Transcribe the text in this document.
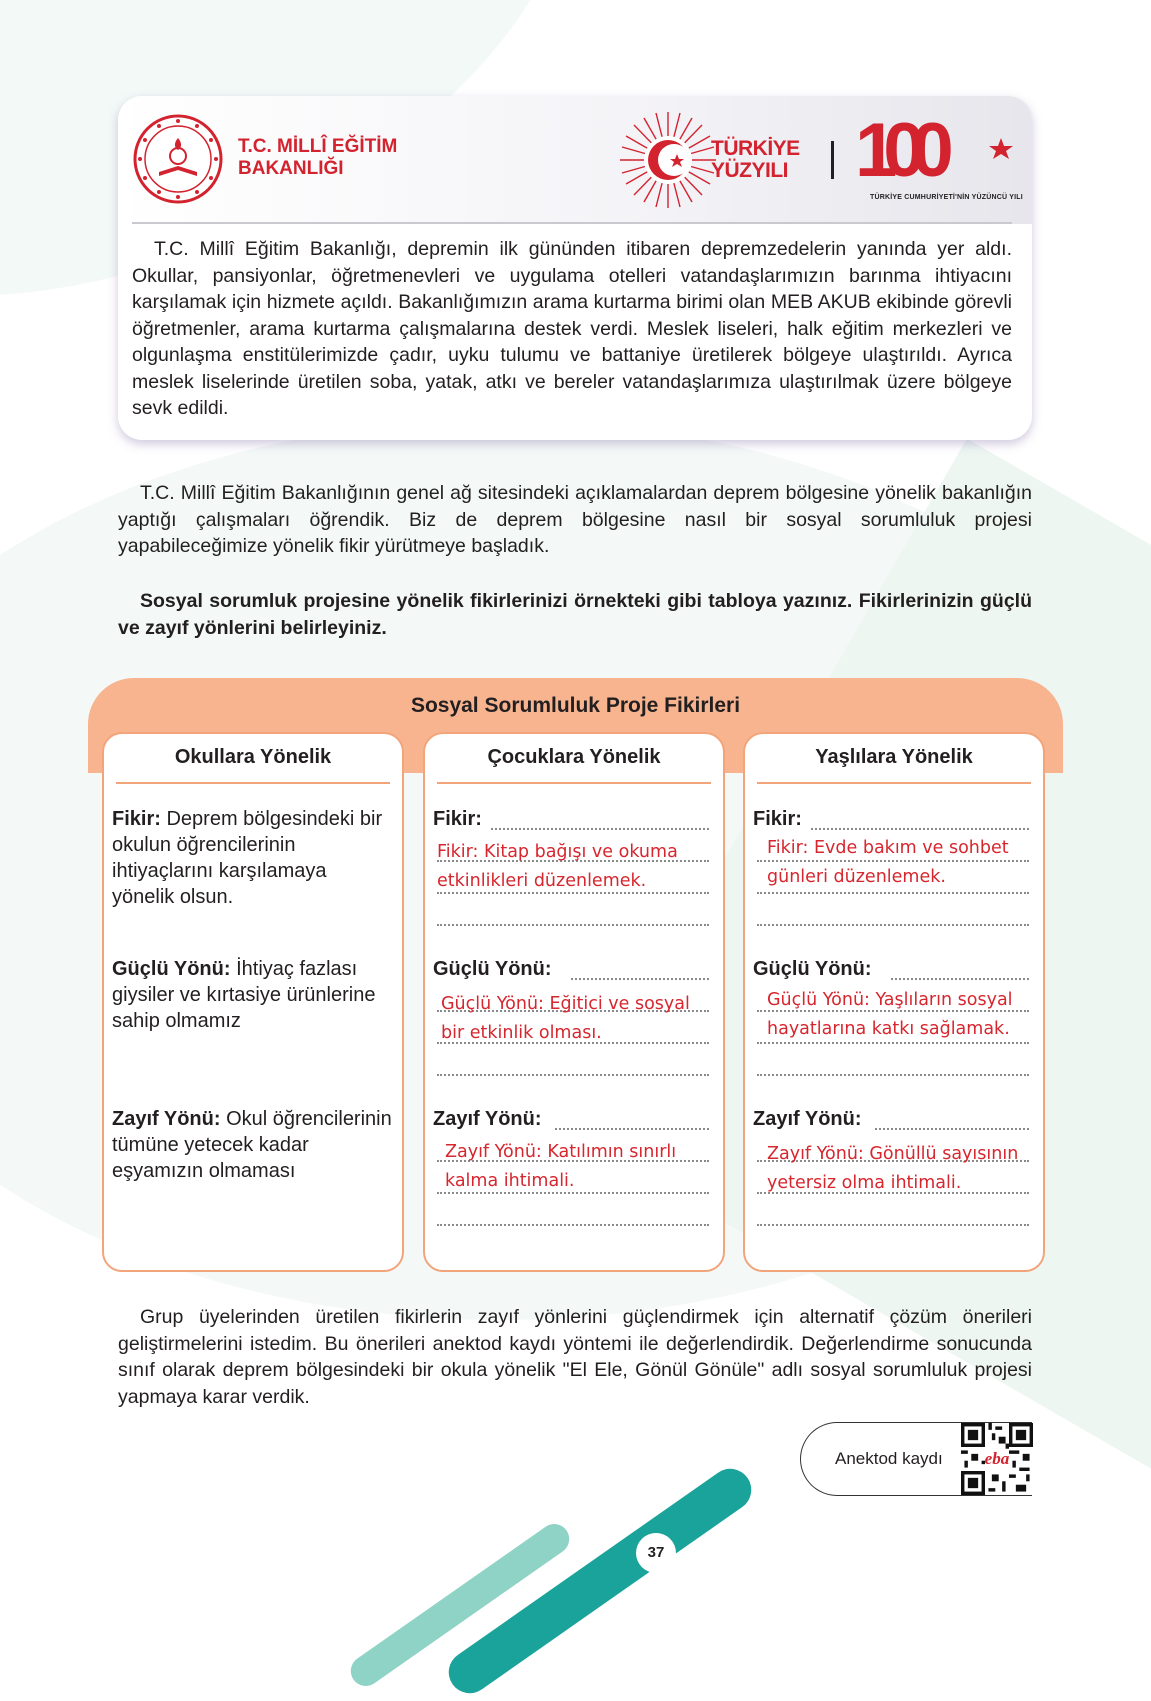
T.C. MİLLÎ EĞİTİM
BAKANLIĞI
TÜRKİYE
YÜZYILI 100
TÜRKİYE CUMHURİYETİ'NİN YÜZÜNCÜ YILI
T.C. Millî Eğitim Bakanlığı, depremin ilk gününden itibaren depremzedelerin yanında yer aldı. Okullar, pansiyonlar, öğretmenevleri ve uygulama otelleri vatandaşlarımızın barınma ihtiyacını karşılamak için hizmete açıldı. Bakanlığımızın arama kurtarma birimi olan MEB AKUB ekibinde görevli öğretmenler, arama kurtarma çalışmalarına destek verdi. Meslek liseleri, halk eğitim merkezleri ve olgunlaşma enstitülerimizde çadır, uyku tulumu ve battaniye üretilerek bölgeye ulaştırıldı. Ayrıca meslek liselerinde üretilen soba, yatak, atkı ve bereler vatandaşlarımıza ulaştırılmak üzere bölgeye sevk edildi.
T.C. Millî Eğitim Bakanlığının genel ağ sitesindeki açıklamalardan deprem bölgesine yönelik bakanlığın yaptığı çalışmaları öğrendik. Biz de deprem bölgesine nasıl bir sosyal sorumluluk projesi yapabileceğimize yönelik fikir yürütmeye başladık.
Sosyal sorumluk projesine yönelik fikirlerinizi örnekteki gibi tabloya yazınız. Fikirlerinizin güçlü ve zayıf yönlerini belirleyiniz.
Sosyal Sorumluluk Proje Fikirleri
Okullara Yönelik
Fikir: Deprem bölgesindeki bir okulun öğrencilerinin ihtiyaçlarını karşılamaya yönelik olsun.
Güçlü Yönü: İhtiyaç fazlası giysiler ve kırtasiye ürünlerine sahip olmamız
Zayıf Yönü: Okul öğrencilerinin tümüne yetecek kadar eşyamızın olmaması
Çocuklara Yönelik
Fikir:
Fikir: Kitap bağışı ve okuma etkinlikleri düzenlemek.
Güçlü Yönü:
Güçlü Yönü: Eğitici ve sosyal bir etkinlik olması.
Zayıf Yönü:
Zayıf Yönü: Katılımın sınırlı kalma ihtimali.
Yaşlılara Yönelik
Fikir:
Fikir: Evde bakım ve sohbet günleri düzenlemek.
Güçlü Yönü:
Güçlü Yönü: Yaşlıların sosyal hayatlarına katkı sağlamak.
Zayıf Yönü:
Zayıf Yönü: Gönüllü sayısının yetersiz olma ihtimali.
Grup üyelerinden üretilen fikirlerin zayıf yönlerini güçlendirmek için alternatif çözüm önerileri geliştirmelerini istedim. Bu önerileri anektod kaydı yöntemi ile değerlendirdik. Değerlendirme sonucunda sınıf olarak deprem bölgesindeki bir okula yönelik "El Ele, Gönül Gönüle" adlı sosyal sorumluluk projesi yapmaya karar verdik.
Anektod kaydı	eba
37
